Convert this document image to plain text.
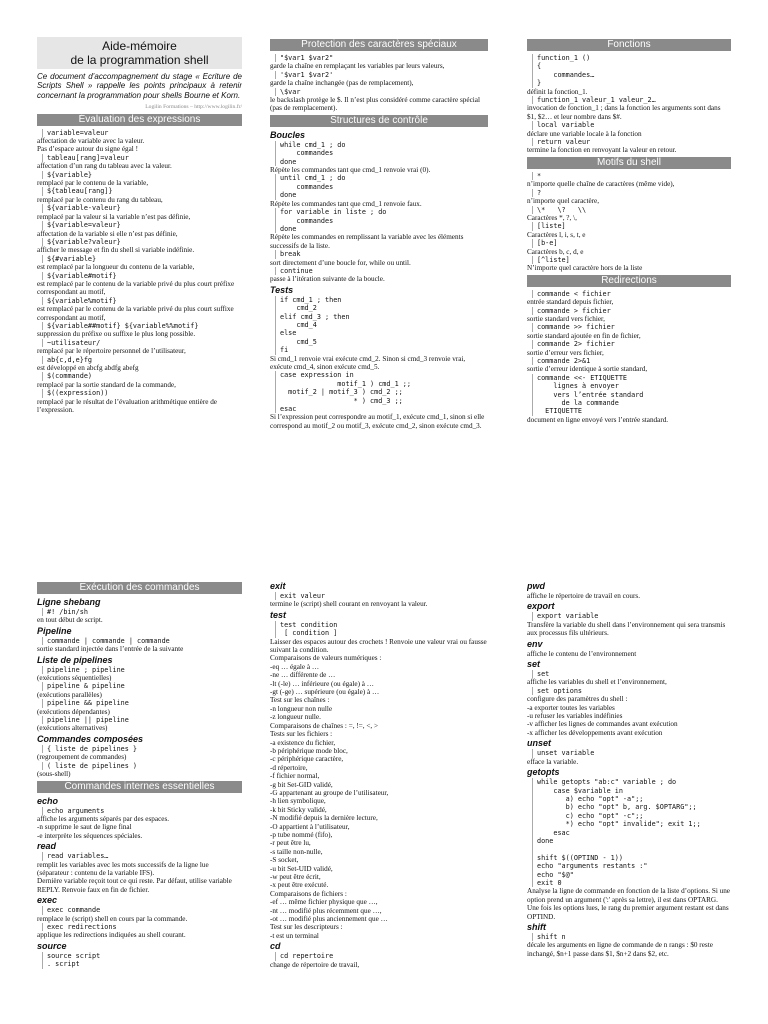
Aide-mémoire
de la programmation shell
Ce document d’accompagnement du stage « Ecriture de Scripts Shell » rappelle les points principaux à retenir concernant la programmation pour shells Bourne et Korn.
Logilin Formations – http://www.logilin.fr/
Évaluation des expressions
variable=valeur
affectation de variable avec la valeur.
Pas d’espace autour du signe égal !
tableau[rang]=valeur
affectation d’un rang du tableau avec la valeur.
${variable}
remplacé par le contenu de la variable,
${tableau[rang]}
remplacé par le contenu du rang du tableau,
${variable-valeur}
remplacé par la valeur si la variable n’est pas définie,
${variable=valeur}
affectation de la variable si elle n’est pas définie,
${variable?valeur}
afficher le message et fin du shell si variable indéfinie.
${#variable}
est remplacé par la longueur du contenu de la variable,
${variable#motif}
est remplacé par le contenu de la variable privé du plus court préfixe correspondant au motif,
${variable%motif}
est remplacé par le contenu de la variable privé du plus court suffixe correspondant au motif,
${variable##motif} ${variable%%motif}
suppression du préfixe ou suffixe le plus long possible.
~utilisateur/
remplacé par le répertoire personnel de l’utilisateur,
ab{c,d,e}fg
est développé en abcfg abdfg abefg
$(commande)
remplacé par la sortie standard de la commande,
$((expression))
remplacé par le résultat de l’évaluation arithmétique entière de l’expression.
Protection des caractères spéciaux
"$var1 $var2"
garde la chaîne en remplaçant les variables par leurs valeurs,
'$var1 $var2'
garde la chaîne inchangée (pas de remplacement),
\$var
le backslash protège le $. Il n’est plus considéré comme caractère spécial (pas de remplacement).
Structures de contrôle
Boucles
while cmd_1 ; do
commandes
done
Répète les commandes tant que cmd_1 renvoie vrai (0).
until cmd_1 ; do
commandes
done
Répète les commandes tant que cmd_1 renvoie faux.
for variable in liste ; do
commandes
done
Répète les commandes en remplissant la variable avec les éléments successifs de la liste.
break
sort directement d’une boucle for, while ou until.
continue
passe à l’itération suivante de la boucle.
Tests
if cmd_1 ; then
cmd_2
elif cmd_3 ; then
cmd_4
else
cmd_5
fi
Si cmd_1 renvoie vrai exécute cmd_2. Sinon si cmd_3 renvoie vrai, exécute cmd_4, sinon exécute cmd_5.
case expression in
motif_1 ) cmd_1 ;;
motif_2 | motif_3 ) cmd_2 ;;
* ) cmd_3 ;;
esac
Si l’expression peut correspondre au motif_1, exécute cmd_1, sinon si elle correspond au motif_2 ou motif_3, exécute cmd_2, sinon exécute cmd_3.
Fonctions
function_1 ()
{
commandes…
}
définit la fonction_1.
function_1 valeur_1 valeur_2…
invocation de fonction_1 ; dans la fonction les arguments sont dans $1, $2… et leur nombre dans $#.
local variable
déclare une variable locale à la fonction
return valeur
termine la fonction en renvoyant la valeur en retour.
Motifs du shell
*
n’importe quelle chaîne de caractères (même vide),
?
n’importe quel caractère,
\*   \?   \\
Caractères *, ?, \,
[liste]
Caractères l, i, s, t, e
[b-e]
Caractères b, c, d, e
[^liste]
N’importe quel caractère hors de la liste
Redirections
commande < fichier
entrée standard depuis fichier,
commande > fichier
sortie standard vers fichier,
commande >> fichier
sortie standard ajoutée en fin de fichier,
commande 2> fichier
sortie d’erreur vers fichier,
commande 2>&1
sortie d’erreur identique à sortie standard,
commande <<- ETIQUETTE
lignes à envoyer
vers l’entrée standard
de la commande
ETIQUETTE
document en ligne envoyé vers l’entrée standard.
Exécution des commandes
Ligne shebang
#! /bin/sh
en tout début de script.
Pipeline
commande | commande | commande
sortie standard injectée dans l’entrée de la suivante
Liste de pipelines
pipeline ; pipeline
(exécutions séquentielles)
pipeline & pipeline
(exécutions parallèles)
pipeline && pipeline
(exécutions dépendantes)
pipeline || pipeline
(exécutions alternatives)
Commandes composées
{ liste de pipelines }
(regroupement de commandes)
( liste de pipelines )
(sous-shell)
Commandes internes essentielles
echo
echo arguments
affiche les arguments séparés par des espaces.
-n supprime le saut de ligne final
-e interprète les séquences spéciales.
read
read variables…
remplit les variables avec les mots successifs de la ligne lue (séparateur : contenu de la variable IFS).
Dernière variable reçoit tout ce qui reste. Par défaut, utilise variable REPLY. Renvoie faux en fin de fichier.
exec
exec commande
remplace le (script) shell en cours par la commande.
exec redirections
applique les redirections indiquées au shell courant.
source
source script
. script
exit
exit valeur
termine le (script) shell courant en renvoyant la valeur.
test
test condition
[ condition ]
Laisser des espaces autour des crochets ! Renvoie une valeur vrai ou fausse suivant la condition.
Comparaisons de valeurs numériques :
-eq … égale à …
-ne … différente de …
-lt (-le) … inférieure (ou égale) à …
-gt (-ge) … supérieure (ou égale) à …
Test sur les chaînes :
-n longueur non nulle
-z longueur nulle.
Comparaisons de chaînes : =, !=, <, >
Tests sur les fichiers :
-a existence du fichier,
-b périphérique mode bloc,
-c périphérique caractère,
-d répertoire,
-f fichier normal,
-g bit Set-GID validé,
-G appartenant au groupe de l’utilisateur,
-h lien symbolique,
-k bit Sticky validé,
-N modifié depuis la dernière lecture,
-O appartient à l’utilisateur,
-p tube nommé (fifo),
-r peut être lu,
-s taille non-nulle,
-S socket,
-u bit Set-UID validé,
-w peut être écrit,
-x peut être exécuté.
Comparaisons de fichiers :
-ef … même fichier physique que …,
-nt … modifié plus récemment que …,
-ot … modifié plus anciennement que …
Test sur les descripteurs :
-t est un terminal
cd
cd repertoire
change de répertoire de travail,
pwd
affiche le répertoire de travail en cours.
export
export variable
Transfère la variable du shell dans l’environnement qui sera transmis aux processus fils ultérieurs.
env
affiche le contenu de l’environnement
set
set
affiche les variables du shell et l’environnement,
set options
configure des paramètres du shell :
-a exporter toutes les variables
-u refuser les variables indéfinies
-v afficher les lignes de commandes avant exécution
-x afficher les développements avant exécution
unset
unset variable
efface la variable.
getopts
while getopts "ab:c" variable ; do
case $variable in
a) echo "opt" -a";;
b) echo "opt" b, arg. $OPTARG";;
c) echo "opt" -c";;
*) echo "opt" invalide"; exit 1;;
esac
done

shift $((OPTIND - 1))
echo "arguments restants :"
echo "$@"
exit 0
Analyse la ligne de commande en fonction de la liste d’options. Si une option prend un argument (':' après sa lettre), il est dans OPTARG. Une fois les options lues, le rang du premier argument restant est dans OPTIND.
shift
shift n
décale les arguments en ligne de commande de n rangs : $0 reste inchangé, $n+1 passe dans $1, $n+2 dans $2, etc.
